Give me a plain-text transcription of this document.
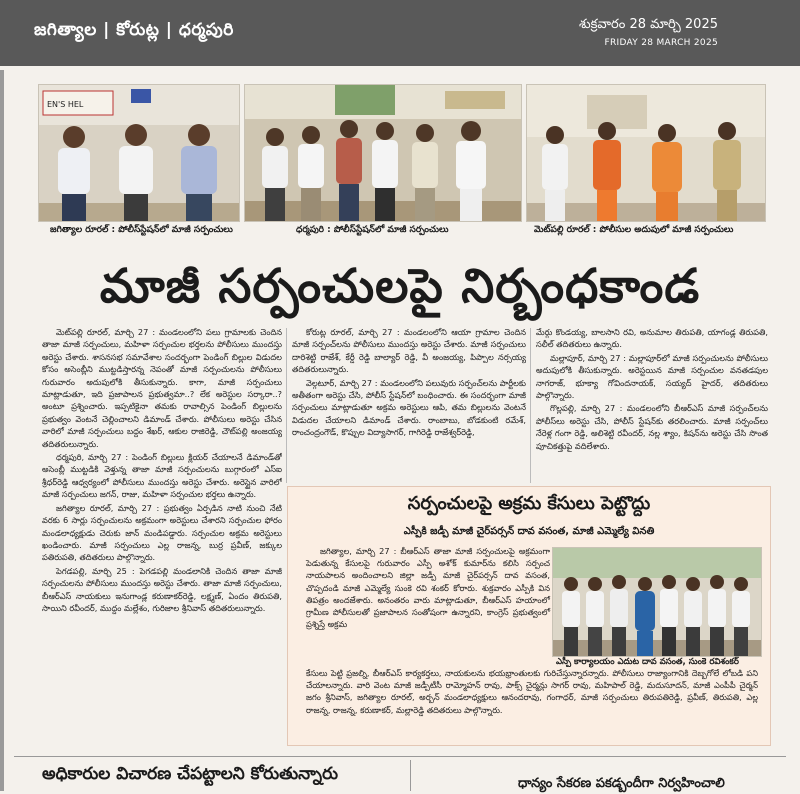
జగిత్యాల | కోరుట్ల | ధర్మపురి	శుక్రవారం 28 మార్చి 2025
FRIDAY 28 MARCH 2025
EN'S HEL
జగిత్యాల రూరల్ : పోలీస్‌స్టేషన్‌లో మాజీ సర్పంచులు	ధర్మపురి : పోలీస్‌స్టేషన్‌లో మాజీ సర్పంచులు	మెట్‌పల్లి రూరల్ : పోలీసుల అదుపులో మాజీ సర్పంచులు
మాజీ సర్పంచులపై నిర్బంధకాండ

మెట్‌పల్లి రూరల్, మార్చి 27 : మండలంలోని పలు గ్రామాలకు చెందిన తాజా మాజీ సర్పంచులు, మహిళా సర్పంచుల భర్తలను పోలీసులు ముందస్తు అరెస్టు చేశారు. శాసనసభ సమావేశాల సందర్భంగా పెండింగ్ బిల్లుల విడుదల కోసం అసెంబ్లీని ముట్టడిస్తారన్న నెపంతో మాజీ సర్పంచులను పోలీసులు గురువారం అదుపులోకి తీసుకున్నారు. కాగా, మాజీ సర్పంచులు మాట్లాడుతూ, ఇది ప్రజాపాలన ప్రభుత్వమా..? లేక అరెస్టుల సర్కారా..? అంటూ ప్రశ్నించారు. ఇప్పటికైనా తమకు రావాల్సిన పెండింగ్ బిల్లులను ప్రభుత్వం వెంటనే చెల్లించాలని డిమాండ్ చేశారు. పోలీసులు అరెస్టు చేసిన వారిలో మాజీ సర్పంచులు బద్దం శేఖర్, ఆకుల రాజిరెడ్డి, చౌట్‌పల్లి అంజయ్య తదితరులున్నారు.

ధర్మపురి, మార్చి 27 : పెండింగ్ బిల్లులు క్లియర్ చేయాలనే డిమాండ్‌తో అసెంబ్లీ ముట్టడికి వెళ్తున్న తాజా మాజీ సర్పంచులను బుగ్గారంలో ఎస్ఐ శ్రీధర్‌రెడ్డి ఆధ్వర్యంలో పోలీసులు ముందస్తు అరెస్టు చేశారు. అరెస్టైన వారిలో మాజీ సర్పంచులు జగన్, రాజు, మహిళా సర్పంచుల భర్తలు ఉన్నారు.

జగిత్యాల రూరల్, మార్చి 27 : ప్రభుత్వం ఏర్పడిన నాటి నుంచి నేటి వరకు 6 సార్లు సర్పంచులను అక్రమంగా అరెస్టులు చేశారని సర్పంచుల ఫోరం మండలాధ్యక్షుడు చెరుకు జాన్ మండిపడ్డారు. సర్పంచుల అక్రమ అరెస్టులు ఖండించారు. మాజీ సర్పంచులు ఎల్ల రాజన్న, బుర్ర ప్రవీణ్, జక్కుల పతిరుపతి, తదితరులు పాల్గొన్నారు.

పెగడపల్లి, మార్చి 25 : పెగడపల్లి మండలానికి చెందిన తాజా మాజీ సర్పంచులను పోలీసులు ముందస్తు అరెస్టు చేశారు. తాజా మాజీ సర్పంచులు, బీఆర్ఎస్ నాయకులు ఇనుగాండ్ల కరుణాకర్‌రెడ్డి, లక్ష్మణ్, ఏందం తిరుపతి, సాయిని రవీందర్, ముద్దం మల్లేశం, గురిజాల శ్రీనివాస్ తదితరులున్నారు.

కోరుట్ల రూరల్, మార్చి 27 : మండలంలోని ఆయా గ్రామాల చెందిన మాజీ సర్పంచ్‌లను పోలీసులు ముందస్తు అరెస్టు చేశారు. మాజీ సర్పంచులు దారిశెట్టి రాజేశ్, కేర్డీ రెడ్డి బాల్యార్ రెడ్డి, వీ అంజయ్య, పిప్పాల నర్సయ్య తదితరులున్నారు.

వెల్గటూర్, మార్చి 27 : మండలంలోని పలువురు సర్పంచ్‌లను పార్టీలకు అతీతంగా అరెస్టు చేసి, పోలీస్ స్టేషన్‌లో బంధించారు. ఈ సందర్భంగా మాజీ సర్పంచులు మాట్లాడుతూ అక్రమ అరెస్టులు ఆపి, తమ బిల్లులను వెంటనే విడుదల చేయాలని డిమాండ్ చేశారు. రాంబాబు, బోడకుంటి రమేశ్, రాంచంద్రంగౌడ్, కొప్పుల విద్యాసాగర్, గాగిరెడ్డి రాజేశ్వర్‌రెడ్డి,

మేర్గు కొండయ్య, బాలసాని రవి, అనుమాల తిరుపతి, యాగండ్ల తిరుపతి, సలీల్ తదితరులు ఉన్నారు.

మల్లాపూర్, మార్చి 27 : మల్లాపూర్‌లో మాజీ సర్పంచులను పోలీసులు అదుపులోకి తీసుకున్నారు. అరెస్టయిన మాజీ సర్పంచుల వనతడపుల నాగరాజ్, భూక్యా గోవిందనాయక్, సయ్యద్ హైదర్, తదితరులు పాల్గొన్నారు.

గొల్లపల్లి, మార్చి 27 : మండలంలోని బీఆర్ఎస్ మాజీ సర్పంచ్‌లను పోలీస్‌లు అరెస్టు చేసి, పోలీస్ స్టేషన్‌కు తరలించారు. మాజీ సర్పంచ్‌లు నేరెళ్ల గంగా రెడ్డి, అలిశెట్టి రవీందర్, నల్ల శ్యాం, కిషన్‌ను అరెస్టు చేసి సొంత పూచికత్తుపై వదిలేశారు.

సర్పంచులపై అక్రమ కేసులు పెట్టొద్దు
ఎస్పీకి జడ్పీ మాజీ చైర్‌పర్సన్ దావ వసంత, మాజీ ఎమ్మెల్యే వినతి
జగిత్యాల, మార్చి 27 : బీఆర్ఎస్ తాజా మాజీ సర్పంచులపై అక్రమంగా పెడుతున్న కేసులపై గురువారం ఎస్పీ అశోక్ కుమార్‌ను కలిసి సర్పంచ నాయపాలన అందించాలని జిల్లా జడ్పీ మాజీ చైర్‌పర్సన్ దావ వసంత, చొప్పదండి మాజీ ఎమ్మెల్యే సుంకె రవి శంకర్ కోరారు. శుక్రవారం ఎస్పీకి విన తిపత్రం అందజేశారు. అనంతరం వారు మాట్లాడుతూ, బీఆర్ఎస్ హయాంలో గ్రామీణ పోలీసులతో ప్రజాపాలన సంతోషంగా ఉన్నారని, కాంగ్రెస్ ప్రభుత్వంలో ప్రశ్నిస్తే అక్రమ
ఎస్పీ కార్యాలయం ఎదుట దావ వసంత, సుంకె రవిశంకర్
కేసులు పెట్టి ప్రజల్ని, బీఆర్ఎస్ కార్యకర్తలు, నాయకులను భయభ్రాంతులకు గురిచేస్తున్నారన్నారు. పోలీసులు రాజ్యాంగానికి దెబ్బగోలే లోబడి పని చేయాలన్నారు. వారి వెంట మాజీ జడ్పీటీసీ రామ్మోహన్ రావు, పాక్స్ చైర్మన్లు సాగర్ రావు, మహిపాల్ రెడ్డి, మదుసూదన్, మాజీ ఎంపీపీ చైర్మన్ జగం శ్రీనివాస్, జగిత్యాల రూరల్, అర్బన్ మండలాధ్యక్షులు ఆనందరావు, గంగాధర్, మాజీ సర్పంచులు తిరుపతిరెడ్డి, ప్రవీణ్, తిరుపతి, ఎల్ల రాజన్న, రాజన్న, కరుణాకర్, మల్లారెడ్డి తదితరులు పాల్గొన్నారు.
అధికారుల విచారణ చేపట్టాలని కోరుతున్నారు	ధాన్యం సేకరణ పకడ్బందీగా నిర్వహించాలి
